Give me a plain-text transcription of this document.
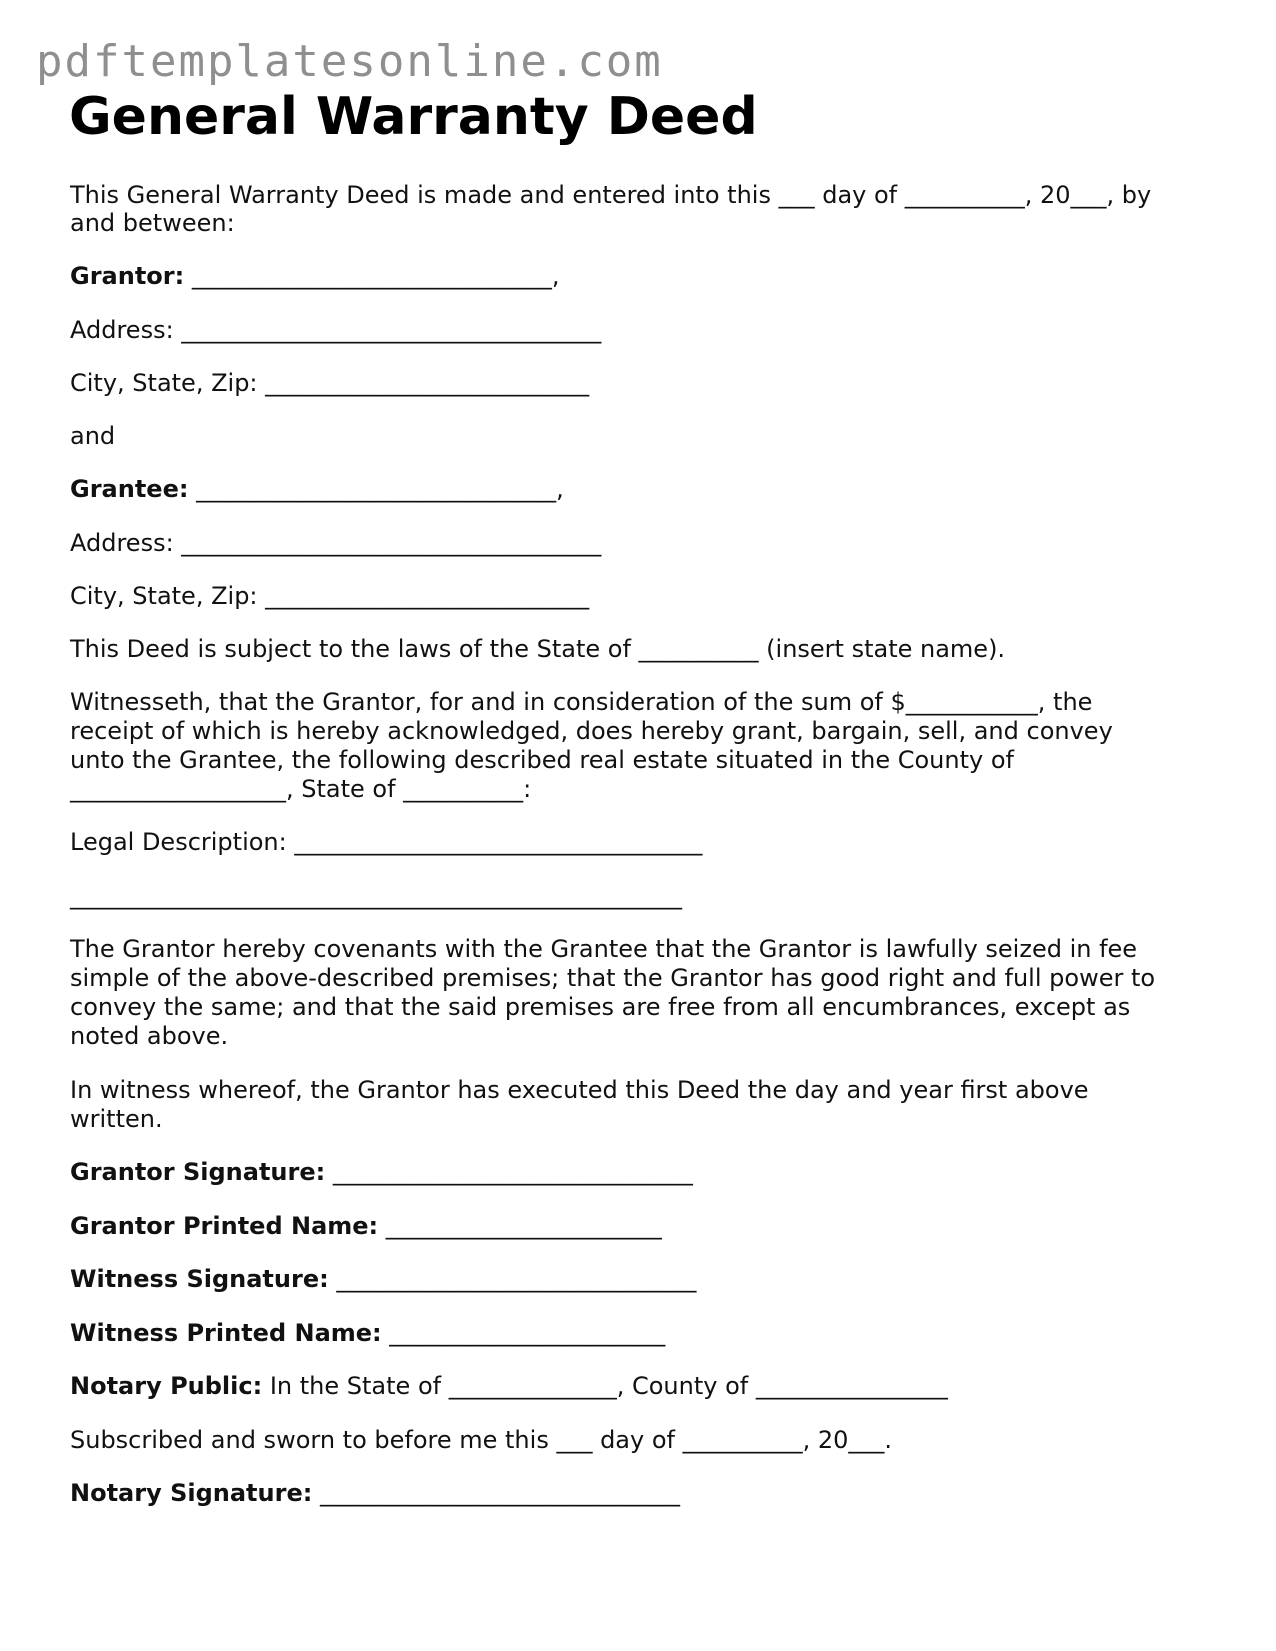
pdftemplatesonline.com
General Warranty Deed

This General Warranty Deed is made and entered into this ___ day of __________, 20___, by

and between:

Grantor: ______________________________,

Address: ___________________________________

City, State, Zip: ___________________________

and

Grantee: ______________________________,

Address: ___________________________________

City, State, Zip: ___________________________

This Deed is subject to the laws of the State of __________ (insert state name).

Witnesseth, that the Grantor, for and in consideration of the sum of $___________, the

receipt of which is hereby acknowledged, does hereby grant, bargain, sell, and convey

unto the Grantee, the following described real estate situated in the County of

__________________, State of __________:

Legal Description: __________________________________

___________________________________________________

The Grantor hereby covenants with the Grantee that the Grantor is lawfully seized in fee

simple of the above-described premises; that the Grantor has good right and full power to

convey the same; and that the said premises are free from all encumbrances, except as

noted above.

In witness whereof, the Grantor has executed this Deed the day and year first above

written.

Grantor Signature: ______________________________

Grantor Printed Name: _______________________

Witness Signature: ______________________________

Witness Printed Name: _______________________

Notary Public: In the State of ______________, County of ________________

Subscribed and sworn to before me this ___ day of __________, 20___.

Notary Signature: ______________________________
